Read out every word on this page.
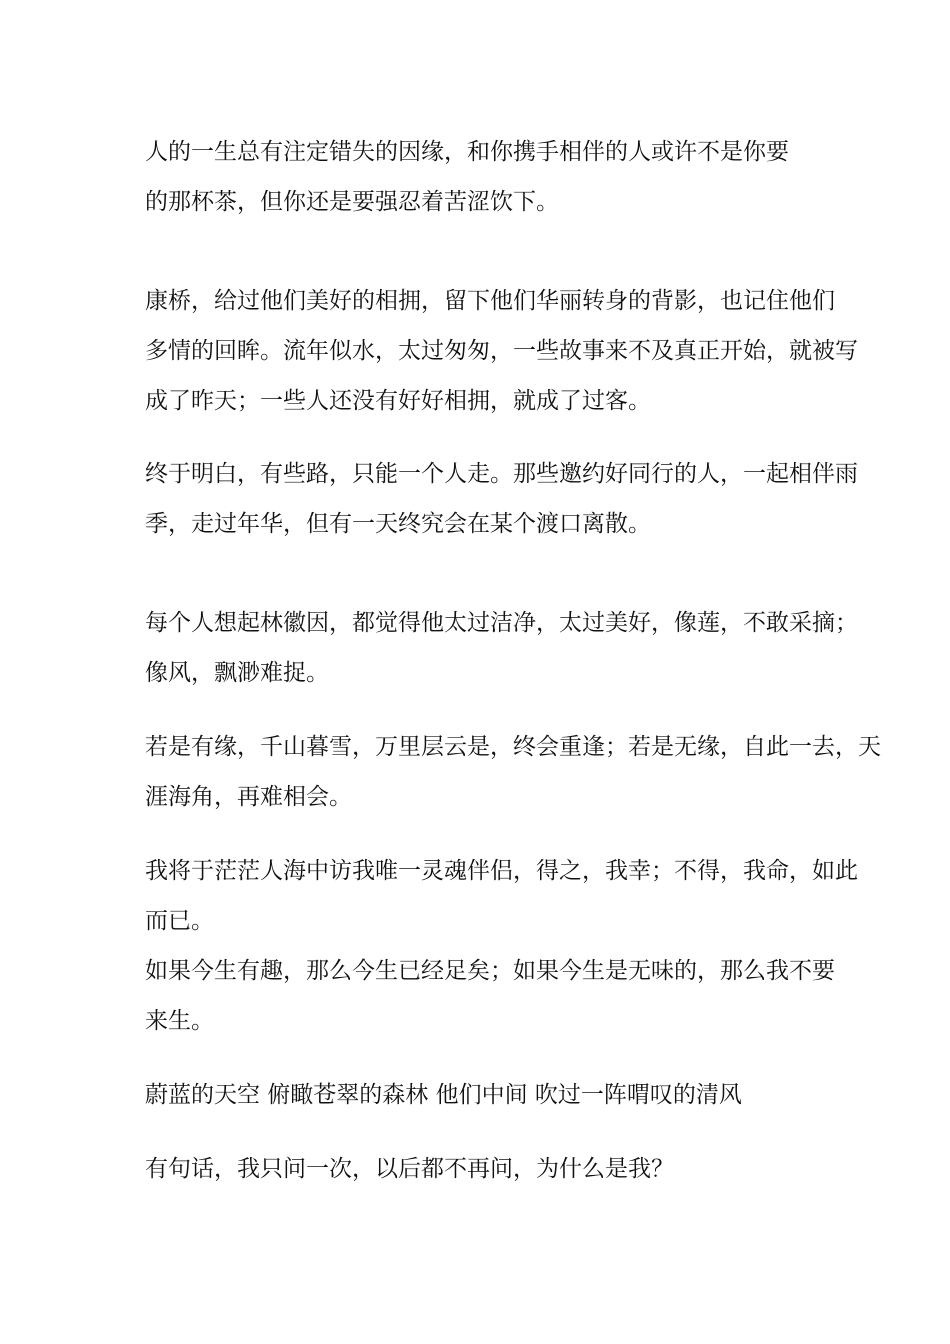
人的一生总有注定错失的因缘，和你携手相伴的人或许不是你要
的那杯茶，但你还是要强忍着苦涩饮下。

康桥，给过他们美好的相拥，留下他们华丽转身的背影，也记住他们
多情的回眸。流年似水，太过匆匆，一些故事来不及真正开始，就被写
成了昨天；一些人还没有好好相拥，就成了过客。

终于明白，有些路，只能一个人走。那些邀约好同行的人，一起相伴雨
季，走过年华，但有一天终究会在某个渡口离散。

每个人想起林徽因，都觉得他太过洁净，太过美好，像莲，不敢采摘；
像风，飘渺难捉。

若是有缘，千山暮雪，万里层云是，终会重逢；若是无缘，自此一去，天
涯海角，再难相会。

我将于茫茫人海中访我唯一灵魂伴侣，得之，我幸；不得，我命，如此
而已。
如果今生有趣，那么今生已经足矣；如果今生是无味的，那么我不要
来生。

蔚蓝的天空 俯瞰苍翠的森林 他们中间 吹过一阵喟叹的清风

有句话，我只问一次，以后都不再问，为什么是我？
